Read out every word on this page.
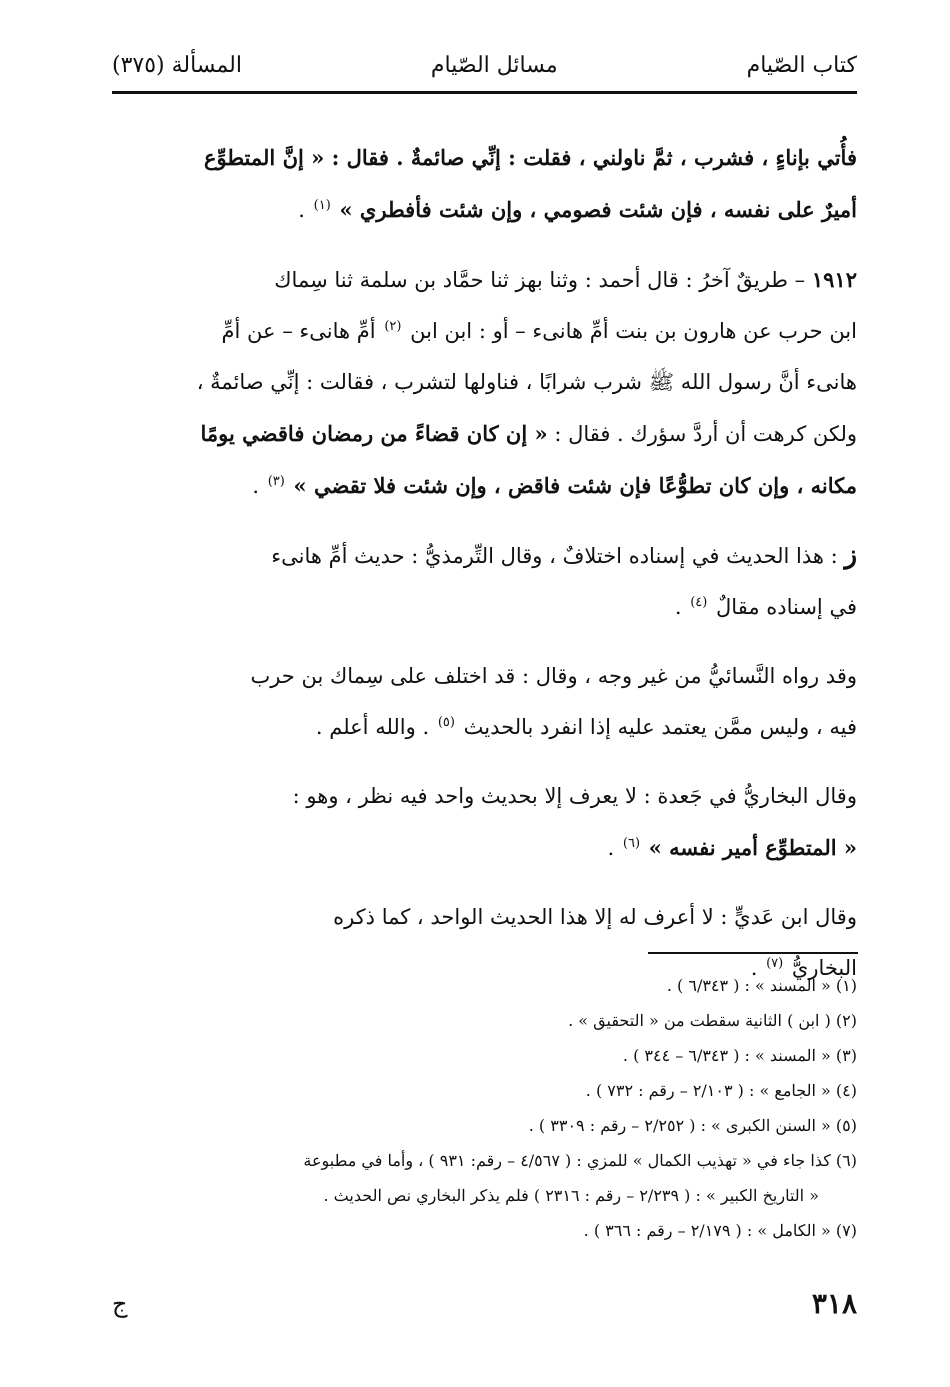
كتاب الصّيام
مسائل الصّيام
المسألة (٣٧٥)
فأُتي بإناءٍ ، فشرب ، ثمَّ ناولني ، فقلت : إنِّي صائمةٌ . فقال : « إنَّ المتطوِّع
أميرٌ على نفسه ، فإن شئت فصومي ، وإن شئت فأفطري » $^{(١)}$ .
١٩١٢ – طريقٌ آخرُ : قال أحمد : وثنا بهز ثنا حمَّاد بن سلمة ثنا سِماك
ابن حرب عن هارون بن بنت أمِّ هانىء – أو : ابن ابن $^{(٢)}$ أمِّ هانىء – عن أمِّ
هانىء أنَّ رسول الله ﷺ شرب شرابًا ، فناولها لتشرب ، فقالت : إنِّي صائمةٌ ،
ولكن كرهت أن أردَّ سؤرك . فقال : « إن كان قضاءً من رمضان فاقضي يومًا
مكانه ، وإن كان تطوُّعًا فإن شئت فاقض ، وإن شئت فلا تقضي » $^{(٣)}$ .
ز : هذا الحديث في إسناده اختلافٌ ، وقال التِّرمذيُّ : حديث أمِّ هانىء
في إسناده مقالٌ $^{(٤)}$ .
وقد رواه النَّسائيُّ من غير وجه ، وقال : قد اختلف على سِماك بن حرب
فيه ، وليس ممَّن يعتمد عليه إذا انفرد بالحديث $^{(٥)}$ . والله أعلم .
وقال البخاريُّ في جَعدة : لا يعرف إلا بحديث واحد فيه نظر ، وهو :
« المتطوِّع أمير نفسه » $^{(٦)}$ .
وقال ابن عَديٍّ : لا أعرف له إلا هذا الحديث الواحد ، كما ذكره
البخاريُّ $^{(٧)}$ .
(١) « المسند » : ( ٦/٣٤٣ ) .
(٢) ( ابن ) الثانية سقطت من « التحقيق » .
(٣) « المسند » : ( ٦/٣٤٣ – ٣٤٤ ) .
(٤) « الجامع » : ( ٢/١٠٣ – رقم : ٧٣٢ ) .
(٥) « السنن الكبرى » : ( ٢/٢٥٢ – رقم : ٣٣٠٩ ) .
(٦) كذا جاء في « تهذيب الكمال » للمزي : ( ٤/٥٦٧ – رقم: ٩٣١ ) ، وأما في مطبوعة
« التاريخ الكبير » : ( ٢/٢٣٩ – رقم : ٢٣١٦ ) فلم يذكر البخاري نص الحديث .
(٧) « الكامل » : ( ٢/١٧٩ – رقم : ٣٦٦ ) .
٣١٨
ج
